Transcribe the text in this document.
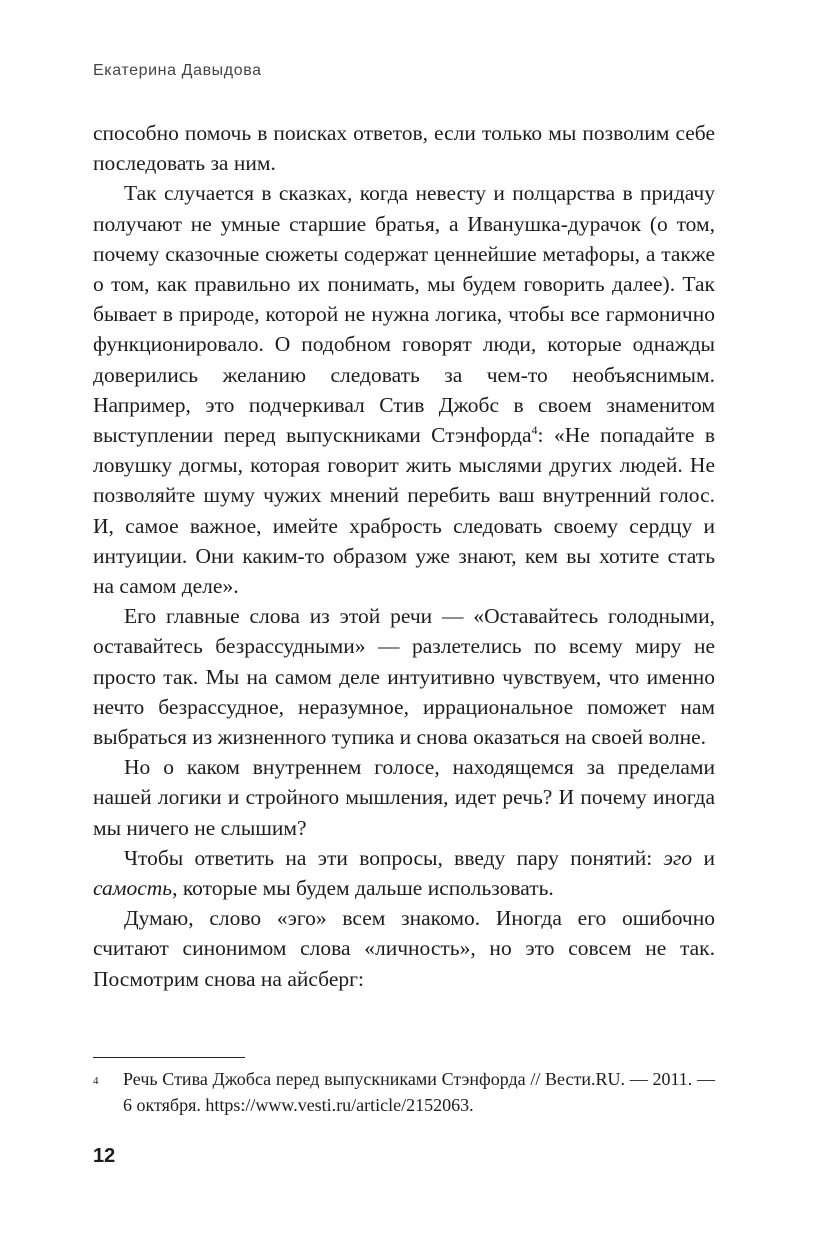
Екатерина Давыдова

способно помочь в поисках ответов, если только мы позволим себе последовать за ним.

Так случается в сказках, когда невесту и полцарства в придачу получают не умные старшие братья, а Иванушка-дурачок (о том, почему сказочные сюжеты содержат ценнейшие метафоры, а также о том, как правильно их понимать, мы будем говорить далее). Так бывает в природе, которой не нужна логика, чтобы все гармонично функционировало. О подобном говорят люди, которые однажды доверились желанию следовать за чем-то необъяснимым. Например, это подчеркивал Стив Джобс в своем знаменитом выступлении перед выпускниками Стэнфорда$^4$: «Не попадайте в ловушку догмы, которая говорит жить мыслями других людей. Не позволяйте шуму чужих мнений перебить ваш внутренний голос. И, самое важное, имейте храбрость следовать своему сердцу и интуиции. Они каким-то образом уже знают, кем вы хотите стать на самом деле».

Его главные слова из этой речи — «Оставайтесь голодными, оставайтесь безрассудными» — разлетелись по всему миру не просто так. Мы на самом деле интуитивно чувствуем, что именно нечто безрассудное, неразумное, иррациональное поможет нам выбраться из жизненного тупика и снова оказаться на своей волне.

Но о каком внутреннем голосе, находящемся за пределами нашей логики и стройного мышления, идет речь? И почему иногда мы ничего не слышим?

Чтобы ответить на эти вопросы, введу пару понятий: эго и самость, которые мы будем дальше использовать.

Думаю, слово «эго» всем знакомо. Иногда его ошибочно считают синонимом слова «личность», но это совсем не так. Посмотрим снова на айсберг:

4 Речь Стива Джобса перед выпускниками Стэнфорда // Вести.RU. — 2011. — 6 октября. https://www.vesti.ru/article/2152063.
12
